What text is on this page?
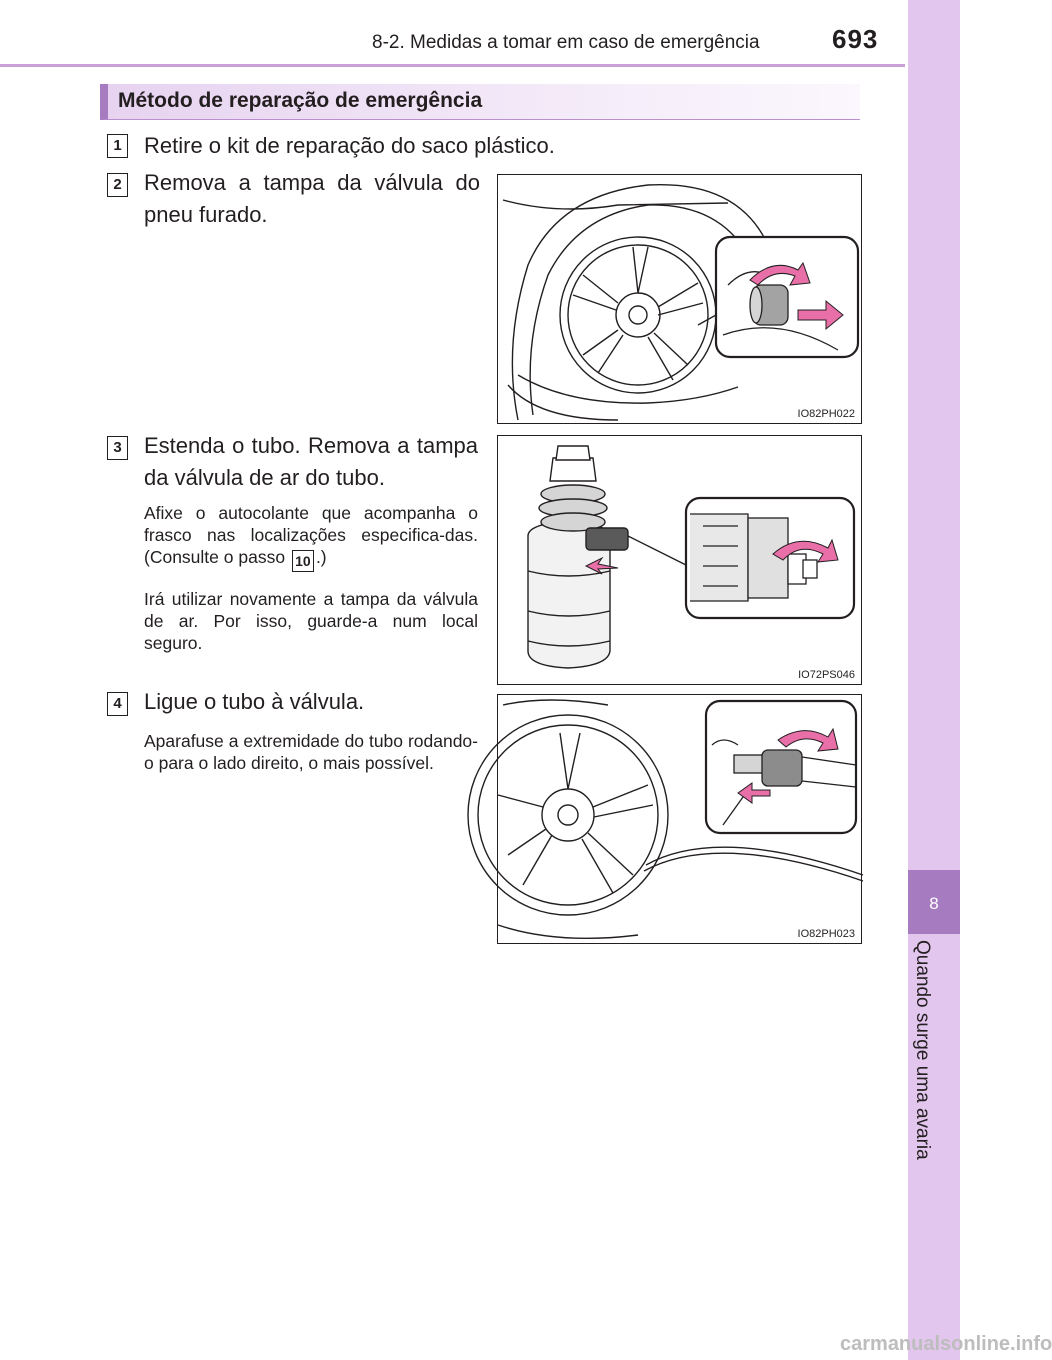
8-2. Medidas a tomar em caso de emergência	693
8
Quando surge uma avaria
Método de reparação de emergência
1 Retire o kit de reparação do saco plástico.
2 Remova a tampa da válvula do pneu furado.
3 Estenda o tubo. Remova a tampa da válvula de ar do tubo.
Afixe o autocolante que acompanha o frasco nas localizações especifica-das. (Consulte o passo 10 .)
Irá utilizar novamente a tampa da válvula de ar. Por isso, guarde-a num local seguro.
4 Ligue o tubo à válvula.
Aparafuse a extremidade do tubo rodando-o para o lado direito, o mais possível.
IO82PH022
IO72PS046
IO82PH023
carmanualsonline.info
